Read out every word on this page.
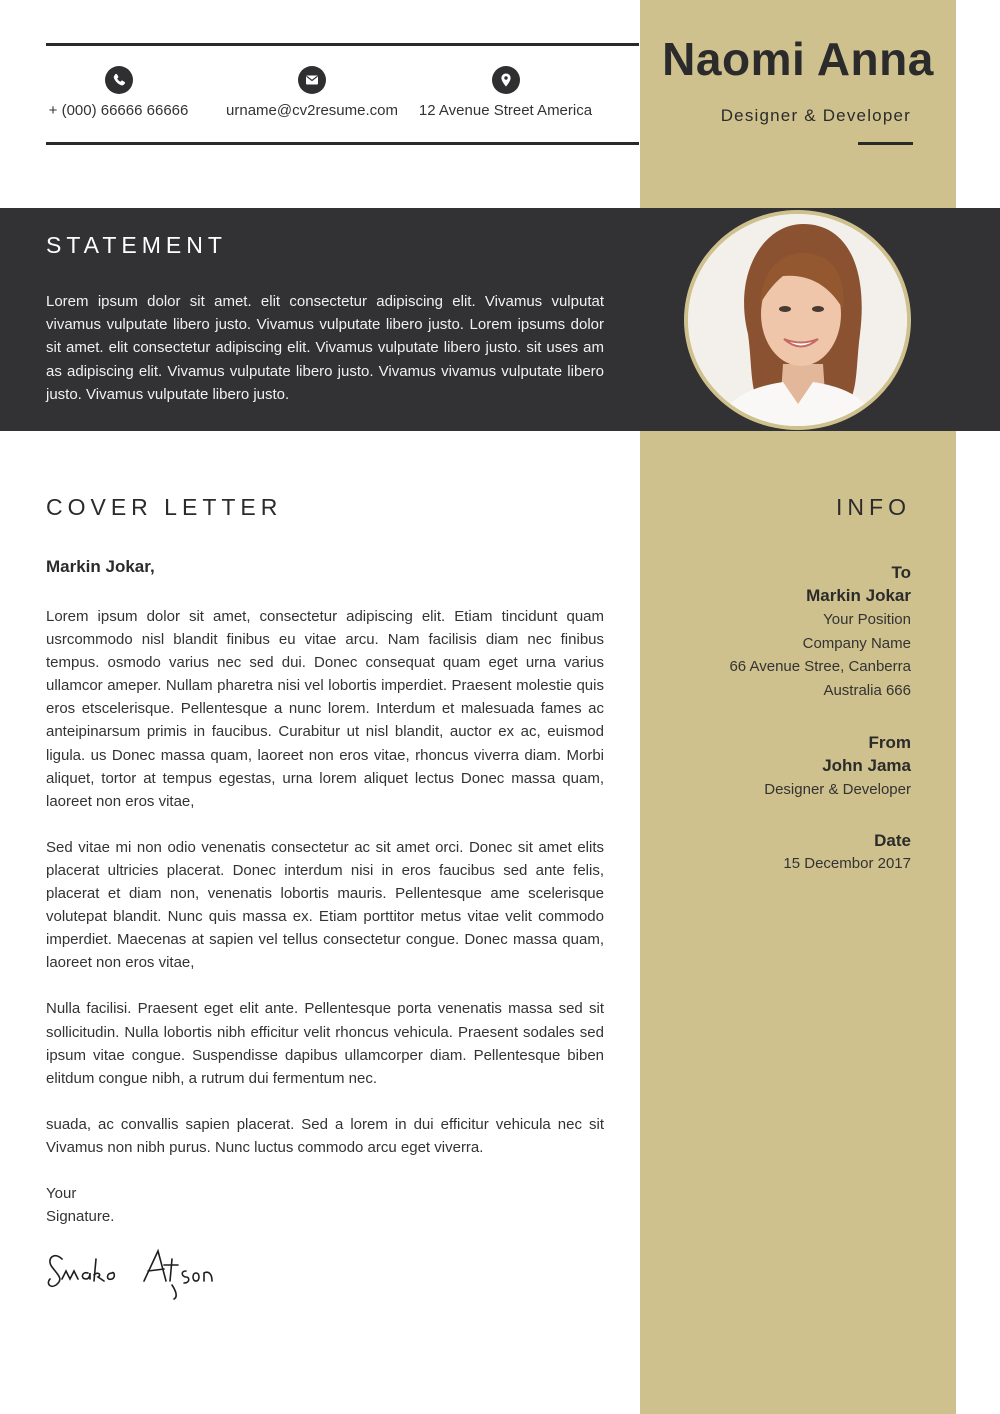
+ (000) 66666 66666	urname@cv2resume.com	12 Avenue Street America
Naomi Anna
Designer & Developer
STATEMENT
Lorem ipsum dolor sit amet. elit consectetur adipiscing elit. Vivamus vulputat vivamus vulputate libero justo. Vivamus vulputate libero justo. Lorem ipsums dolor sit amet. elit consectetur adipiscing elit. Vivamus vulputate libero justo. sit uses am as adipiscing elit. Vivamus vulputate libero justo. Vivamus vivamus vulputate libero justo. Vivamus vulputate libero justo.
COVER LETTER
Markin Jokar,

Lorem ipsum dolor sit amet, consectetur adipiscing elit. Etiam tincidunt quam usrcommodo nisl blandit finibus eu vitae arcu. Nam facilisis diam nec finibus tempus. osmodo varius nec sed dui. Donec consequat quam eget urna varius ullamcor ameper. Nullam pharetra nisi vel lobortis imperdiet. Praesent molestie quis eros etscelerisque. Pellentesque a nunc lorem. Interdum et malesuada fames ac anteipinarsum primis in faucibus. Curabitur ut nisl blandit, auctor ex ac, euismod ligula. us Donec massa quam, laoreet non eros vitae, rhoncus viverra diam. Morbi aliquet, tortor at tempus egestas, urna lorem aliquet lectus Donec massa quam, laoreet non eros vitae,

Sed vitae mi non odio venenatis consectetur ac sit amet orci. Donec sit amet elits placerat ultricies placerat. Donec interdum nisi in eros faucibus sed ante felis, placerat et diam non, venenatis lobortis mauris. Pellentesque ame scelerisque volutepat blandit. Nunc quis massa ex. Etiam porttitor metus vitae velit commodo imperdiet. Maecenas at sapien vel tellus consectetur congue. Donec massa quam, laoreet non eros vitae,

Nulla facilisi. Praesent eget elit ante. Pellentesque porta venenatis massa sed sit sollicitudin. Nulla lobortis nibh efficitur velit rhoncus vehicula. Praesent sodales sed ipsum vitae congue. Suspendisse dapibus ullamcorper diam. Pellentesque biben elitdum congue nibh, a rutrum dui fermentum nec.

suada, ac convallis sapien placerat. Sed a lorem in dui efficitur vehicula nec sit Vivamus non nibh purus. Nunc luctus commodo arcu eget viverra.

Your
Signature.
INFO
To
Markin Jokar
Your Position
Company Name
66 Avenue Stree, Canberra
Australia 666
From
John Jama
Designer & Developer
Date
15 Decembor 2017
